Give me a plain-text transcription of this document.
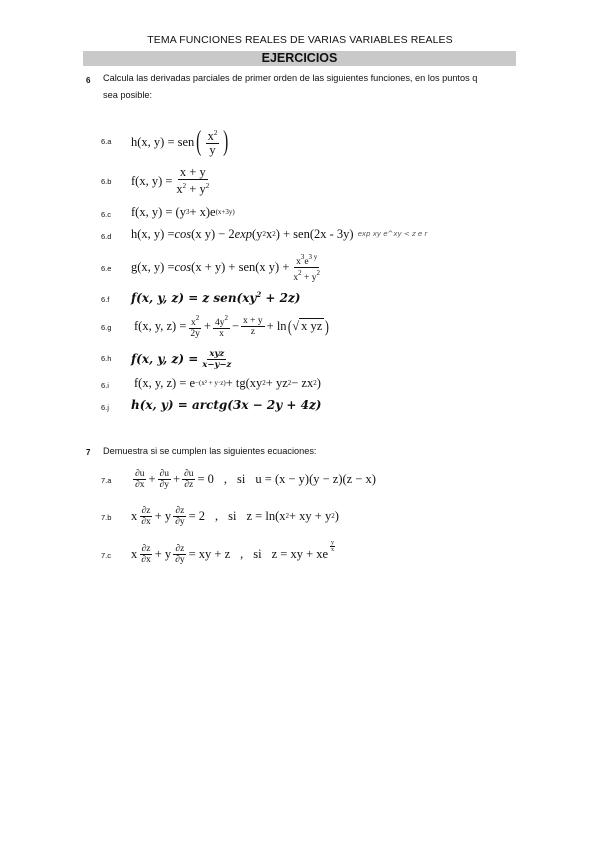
TEMA FUNCIONES REALES DE VARIAS VARIABLES REALES
EJERCICIOS
6 Calcula las derivadas parciales de primer orden de las siguientes funciones, en los puntos q
sea posible:
6.a h(x, y) = sen ( $\frac{x^2}{y}$ )
6.b f(x, $y) = \frac{x + y}{x^2 + y^2}$
6.c f(x, y) = (y 3 + x)e (x+3y)
6.d h(x, y) = cos (x y) − 2 exp (y 2 x 2 ) + sen(2x - 3y) exp xy e^xy < z e r
6.e g(x, y) = cos (x + y) + sen(x $y) + \frac{x^3e^{3 y}}{x^2 + y^2}$
6.f f(x, y, z) = z $sen(xy^2 + 2z)$
6.g f(x, y, $z) = \frac{x^2}{2y} + \frac{4y^2}{x} - \frac{x + y}{z} + \ln$ ( √ x yz )
6.h f(x, y, $z) = \frac{\text{xyz}}{x-y-z}$
6.i f(x, y, z) = e −(x² + y·z) + tg (xy 2 + yz 2 − zx 2 )
6.j h(x, y) = arctg(3x − 2y + 4z)
7 Demuestra si se cumplen las siguientes ecuaciones:
$7.a \frac{\partial u}{\partial x} + \frac{\partial u}{\partial y} + \frac{\partial u}{\partial z} = 0$ , si u = (x − y)(y − z)(z − x)
7.b x $\frac{\partial z}{\partial x} + y \frac{\partial z}{\partial y} = 2$ , si z = ln (x 2 + xy + y 2 )
7.c x $\frac{\partial z}{\partial x} + y \frac{\partial z}{\partial y}$ = xy + z , si z = xy + xe
$\frac{y}{x}$
